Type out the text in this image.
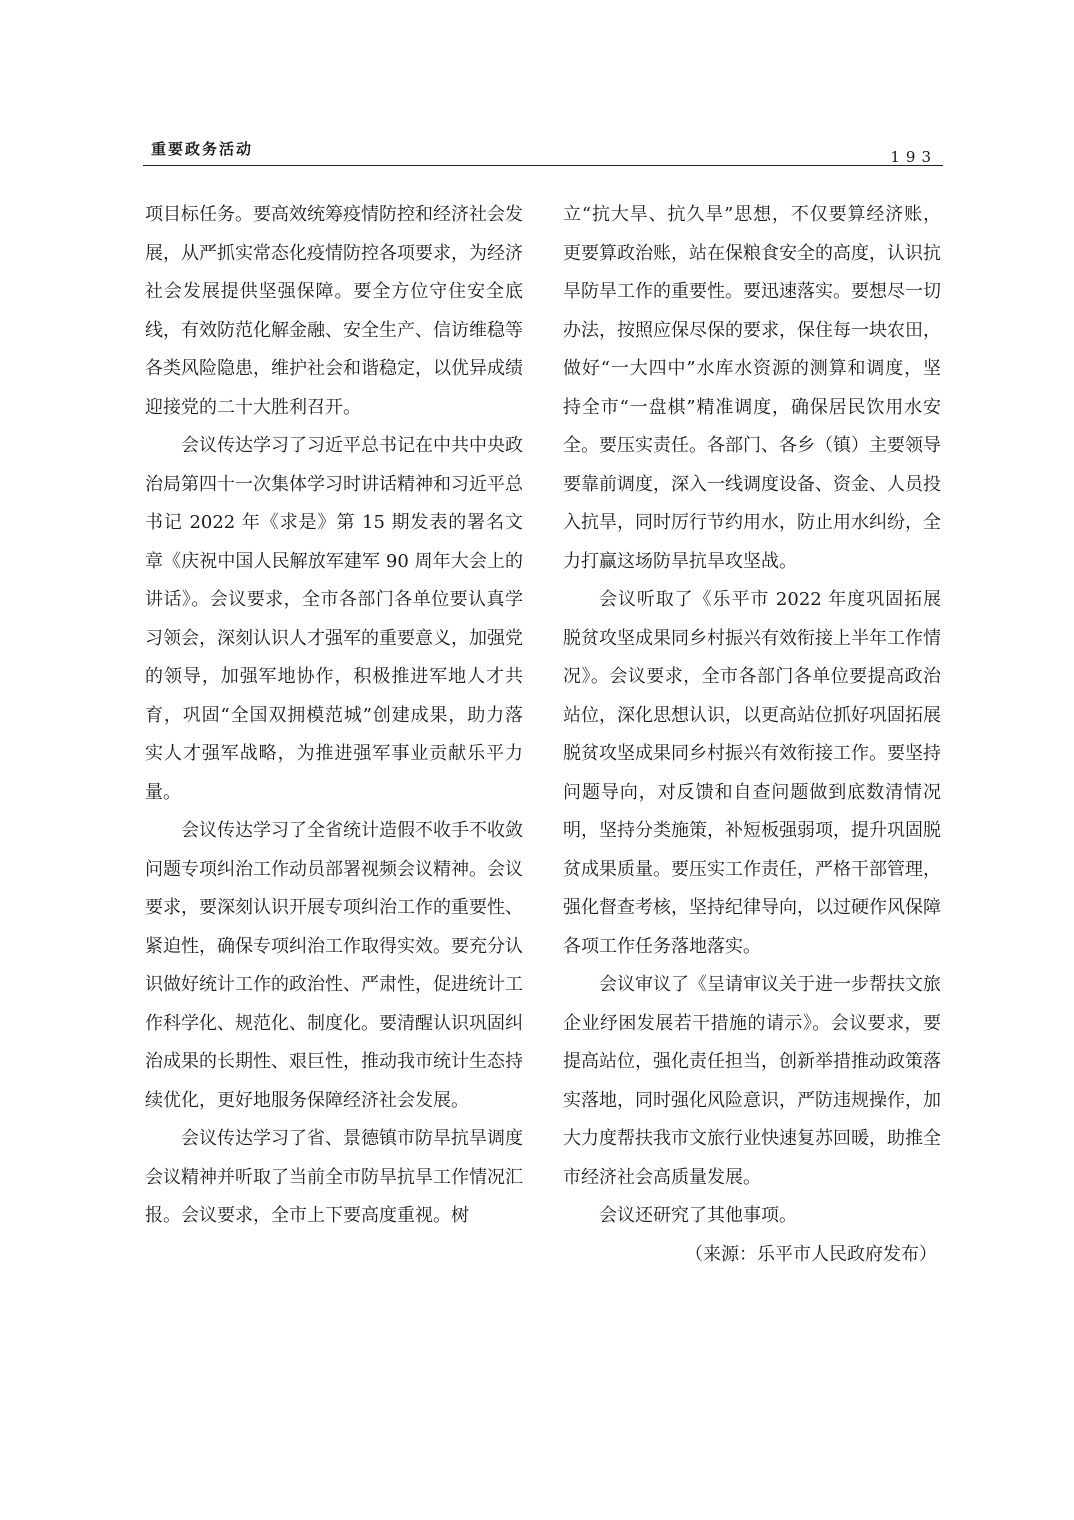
重要政务活动	193

项目标任务。要高效统筹疫情防控和经济社会发展，从严抓实常态化疫情防控各项要求，为经济社会发展提供坚强保障。要全方位守住安全底线，有效防范化解金融、安全生产、信访维稳等各类风险隐患，维护社会和谐稳定，以优异成绩迎接党的二十大胜利召开。

会议传达学习了习近平总书记在中共中央政治局第四十一次集体学习时讲话精神和习近平总书记 2022 年《求是》第 15 期发表的署名文章《庆祝中国人民解放军建军 90 周年大会上的讲话》。会议要求，全市各部门各单位要认真学习领会，深刻认识人才强军的重要意义，加强党的领导，加强军地协作，积极推进军地人才共育，巩固“全国双拥模范城”创建成果，助力落实人才强军战略，为推进强军事业贡献乐平力量。

会议传达学习了全省统计造假不收手不收敛问题专项纠治工作动员部署视频会议精神。会议要求，要深刻认识开展专项纠治工作的重要性、紧迫性，确保专项纠治工作取得实效。要充分认识做好统计工作的政治性、严肃性，促进统计工作科学化、规范化、制度化。要清醒认识巩固纠治成果的长期性、艰巨性，推动我市统计生态持续优化，更好地服务保障经济社会发展。

会议传达学习了省、景德镇市防旱抗旱调度会议精神并听取了当前全市防旱抗旱工作情况汇报。会议要求，全市上下要高度重视。树

立“抗大旱、抗久旱”思想，不仅要算经济账，更要算政治账，站在保粮食安全的高度，认识抗旱防旱工作的重要性。要迅速落实。要想尽一切办法，按照应保尽保的要求，保住每一块农田，做好“一大四中”水库水资源的测算和调度，坚持全市“一盘棋”精准调度，确保居民饮用水安全。要压实责任。各部门、各乡（镇）主要领导要靠前调度，深入一线调度设备、资金、人员投入抗旱，同时厉行节约用水，防止用水纠纷，全力打赢这场防旱抗旱攻坚战。

会议听取了《乐平市 2022 年度巩固拓展脱贫攻坚成果同乡村振兴有效衔接上半年工作情况》。会议要求，全市各部门各单位要提高政治站位，深化思想认识，以更高站位抓好巩固拓展脱贫攻坚成果同乡村振兴有效衔接工作。要坚持问题导向，对反馈和自查问题做到底数清情况明，坚持分类施策，补短板强弱项，提升巩固脱贫成果质量。要压实工作责任，严格干部管理，强化督查考核，坚持纪律导向，以过硬作风保障各项工作任务落地落实。

会议审议了《呈请审议关于进一步帮扶文旅企业纾困发展若干措施的请示》。会议要求，要提高站位，强化责任担当，创新举措推动政策落实落地，同时强化风险意识，严防违规操作，加大力度帮扶我市文旅行业快速复苏回暖，助推全市经济社会高质量发展。

会议还研究了其他事项。

（来源：乐平市人民政府发布）
